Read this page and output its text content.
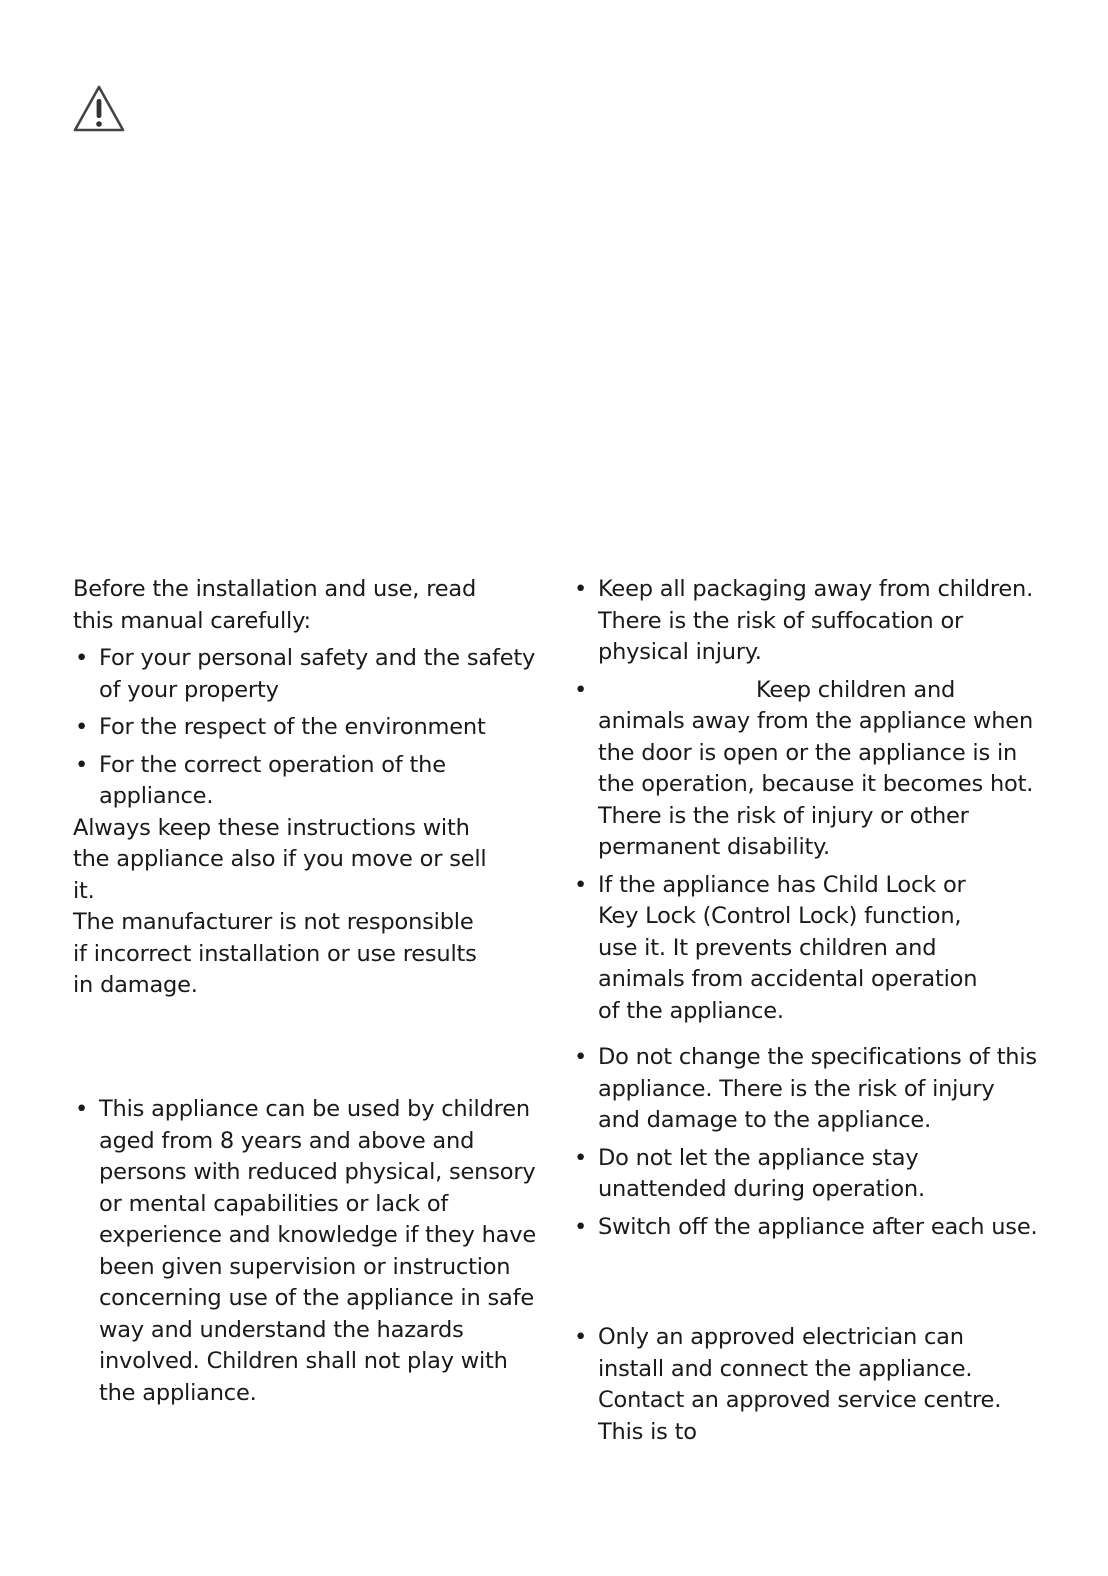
Before the installation and use, read this manual carefully:

• For your personal safety and the safety of your property
• For the respect of the environment
• For the correct operation of the appliance.

Always keep these instructions with the appliance also if you move or sell it.

The manufacturer is not responsible if incorrect installation or use results in damage.

• This appliance can be used by children aged from 8 years and above and persons with reduced physical, sensory or mental capabilities or lack of experience and knowledge if they have been given supervision or instruction concerning use of the appliance in safe way and understand the hazards involved. Children shall not play with the appliance.
• Keep all packaging away from children. There is the risk of suffocation or physical injury.
• Keep children and animals away from the appliance when the door is open or the appliance is in the operation, because it becomes hot. There is the risk of injury or other permanent disability.
• If the appliance has Child Lock or Key Lock (Control Lock) function, use it. It prevents children and animals from accidental operation of the appliance.
• Do not change the specifications of this appliance. There is the risk of injury and damage to the appliance.
• Do not let the appliance stay unattended during operation.
• Switch off the appliance after each use.
• Only an approved electrician can install and connect the appliance. Contact an approved service centre. This is to
